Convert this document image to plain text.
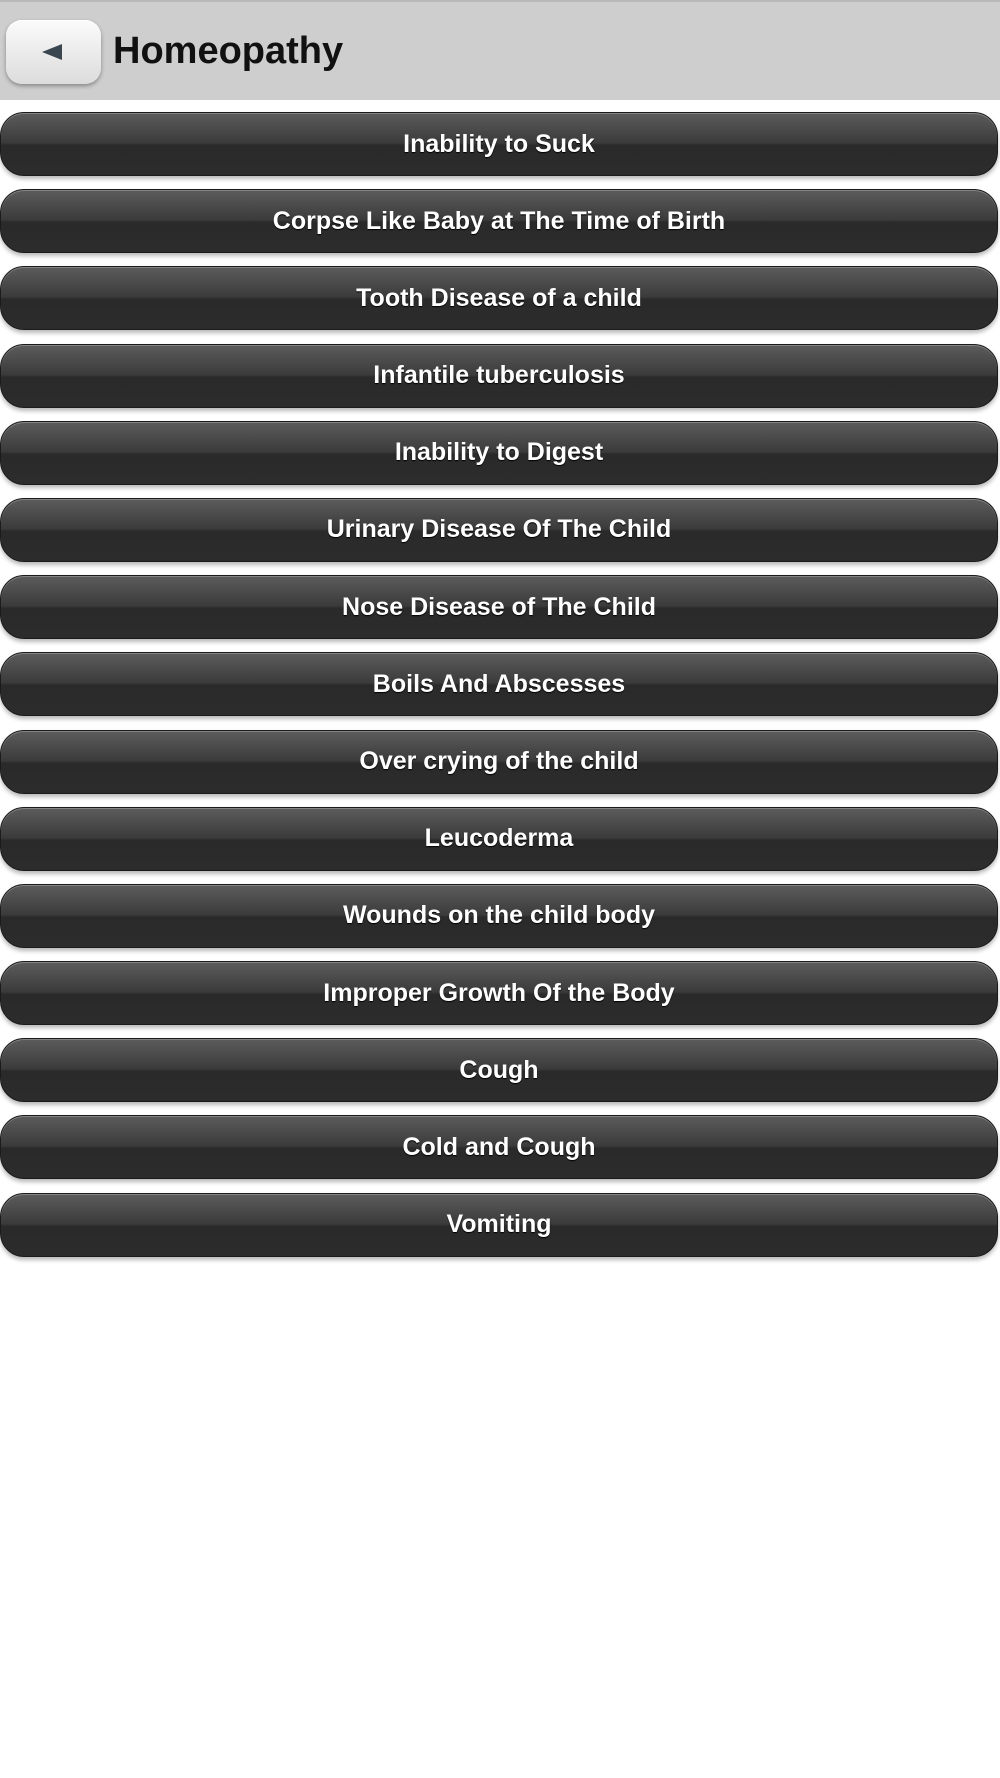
Homeopathy
Inability to Suck
Corpse Like Baby at The Time of Birth
Tooth Disease of a child
Infantile tuberculosis
Inability to Digest
Urinary Disease Of The Child
Nose Disease of The Child
Boils And Abscesses
Over crying of the child
Leucoderma
Wounds on the child body
Improper Growth Of the Body
Cough
Cold and Cough
Vomiting
